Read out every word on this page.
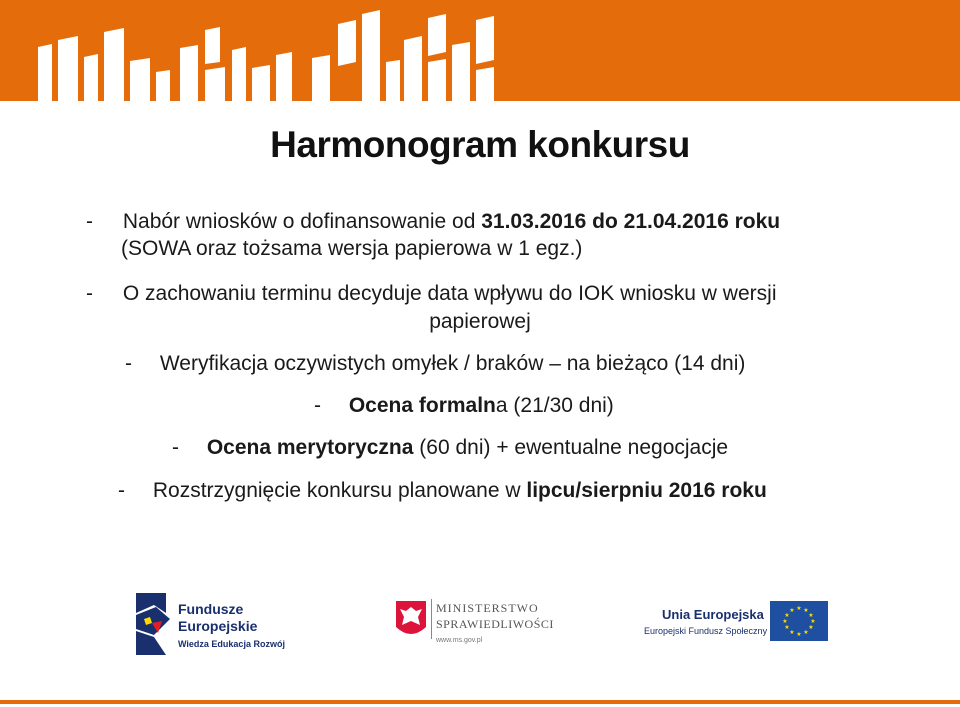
Harmonogram konkursu
- Nabór wniosków o dofinansowanie od 31.03.2016 do 21.04.2016 roku
(SOWA oraz tożsama wersja papierowa w 1 egz.)
- O zachowaniu terminu decyduje data wpływu do IOK wniosku w wersji
papierowej
- Weryfikacja oczywistych omyłek / braków – na bieżąco (14 dni)
- Ocena formalna (21/30 dni)
- Ocena merytoryczna (60 dni) + ewentualne negocjacje
- Rozstrzygnięcie konkursu planowane w lipcu/sierpniu 2016 roku
Fundusze
Europejskie
Wiedza Edukacja Rozwój
MINISTERSTWO
SPRAWIEDLIWOŚCI
www.ms.gov.pl
Unia Europejska
Europejski Fundusz Społeczny
★ ★
★
★
★
★
★
★
★
★
★
★
